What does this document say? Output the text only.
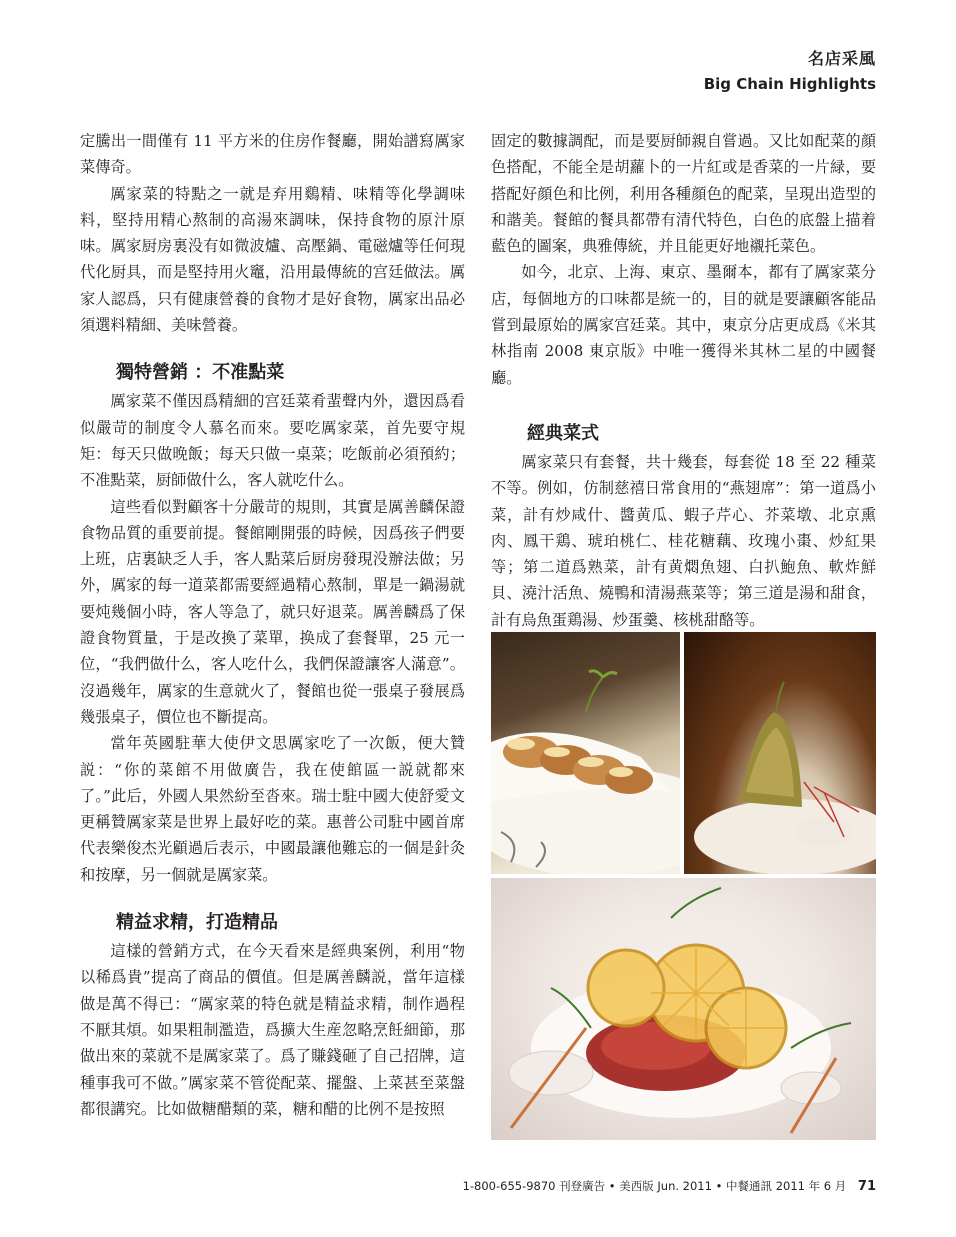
名店采風
Big Chain Highlights

定騰出一間僅有 11 平方米的住房作餐廳，開始譜寫厲家菜傳奇。

厲家菜的特點之一就是弃用鷄精、味精等化學調味料，堅持用精心熬制的高湯來調味，保持食物的原汁原味。厲家厨房裏没有如微波爐、高壓鍋、電磁爐等任何現代化厨具，而是堅持用火竈，沿用最傳統的宫廷做法。厲家人認爲，只有健康營養的食物才是好食物，厲家出品必須選料精細、美味營養。

獨特營銷 ：不准點菜

厲家菜不僅因爲精細的宫廷菜肴蜚聲内外，還因爲看似嚴苛的制度令人慕名而來。要吃厲家菜，首先要守規矩：每天只做晚飯；每天只做一桌菜；吃飯前必須預約；不准點菜，厨師做什么，客人就吃什么。

這些看似對顧客十分嚴苛的規則，其實是厲善麟保證食物品質的重要前提。餐館剛開張的時候，因爲孩子們要上班，店裏缺乏人手，客人點菜后厨房發現没辦法做；另外，厲家的每一道菜都需要經過精心熬制，單是一鍋湯就要炖幾個小時，客人等急了，就只好退菜。厲善麟爲了保證食物質量，于是改換了菜單，换成了套餐單，25 元一位，“我們做什么，客人吃什么，我們保證讓客人滿意”。沒過幾年，厲家的生意就火了，餐館也從一張桌子發展爲幾張桌子，價位也不斷提高。

當年英國駐華大使伊文思厲家吃了一次飯，便大贊説：“你的菜館不用做廣告，我在使館區一説就都來了。”此后，外國人果然紛至沓來。瑞士駐中國大使舒愛文更稱贊厲家菜是世界上最好吃的菜。惠普公司駐中國首席代表樂俊杰光顧過后表示，中國最讓他難忘的一個是針灸和按摩，另一個就是厲家菜。

精益求精，打造精品

這樣的營銷方式，在今天看來是經典案例，利用“物以稀爲貴”提高了商品的價值。但是厲善麟説，當年這樣做是萬不得已：“厲家菜的特色就是精益求精，制作過程不厭其煩。如果粗制濫造，爲擴大生産忽略烹飪細節，那做出來的菜就不是厲家菜了。爲了賺錢砸了自己招牌，這種事我可不做。”厲家菜不管從配菜、擺盤、上菜甚至菜盤都很講究。比如做糖醋類的菜，糖和醋的比例不是按照

固定的數據調配，而是要厨師親自嘗過。又比如配菜的顔色搭配，不能全是胡蘿卜的一片紅或是香菜的一片緑，要搭配好顔色和比例，利用各種顔色的配菜，呈現出造型的和諧美。餐館的餐具都帶有清代特色，白色的底盤上描着藍色的圖案，典雅傳統，并且能更好地襯托菜色。

如今，北京、上海、東京、墨爾本，都有了厲家菜分店，每個地方的口味都是統一的，目的就是要讓顧客能品嘗到最原始的厲家宫廷菜。其中，東京分店更成爲《米其林指南 2008 東京版》中唯一獲得米其林二星的中國餐廳。

經典菜式

厲家菜只有套餐，共十幾套，每套從 18 至 22 種菜不等。例如，仿制慈禧日常食用的“燕翅席”：第一道爲小菜，計有炒咸什、醬黄瓜、蝦子芹心、芥菜墩、北京熏肉、鳳干鶏、琥珀桃仁、桂花糖藕、玫瑰小棗、炒紅果等；第二道爲熟菜，計有黄燜魚翅、白扒鮑魚、軟炸鮮貝、澆汁活魚、燒鴨和清湯燕菜等；第三道是湯和甜食，計有烏魚蛋鶏湯、炒蛋羹、核桃甜酪等。

1-800-655-9870 刊登廣告 • 美西版 Jun. 2011 • 中餐通訊 2011 年 6 月 71
